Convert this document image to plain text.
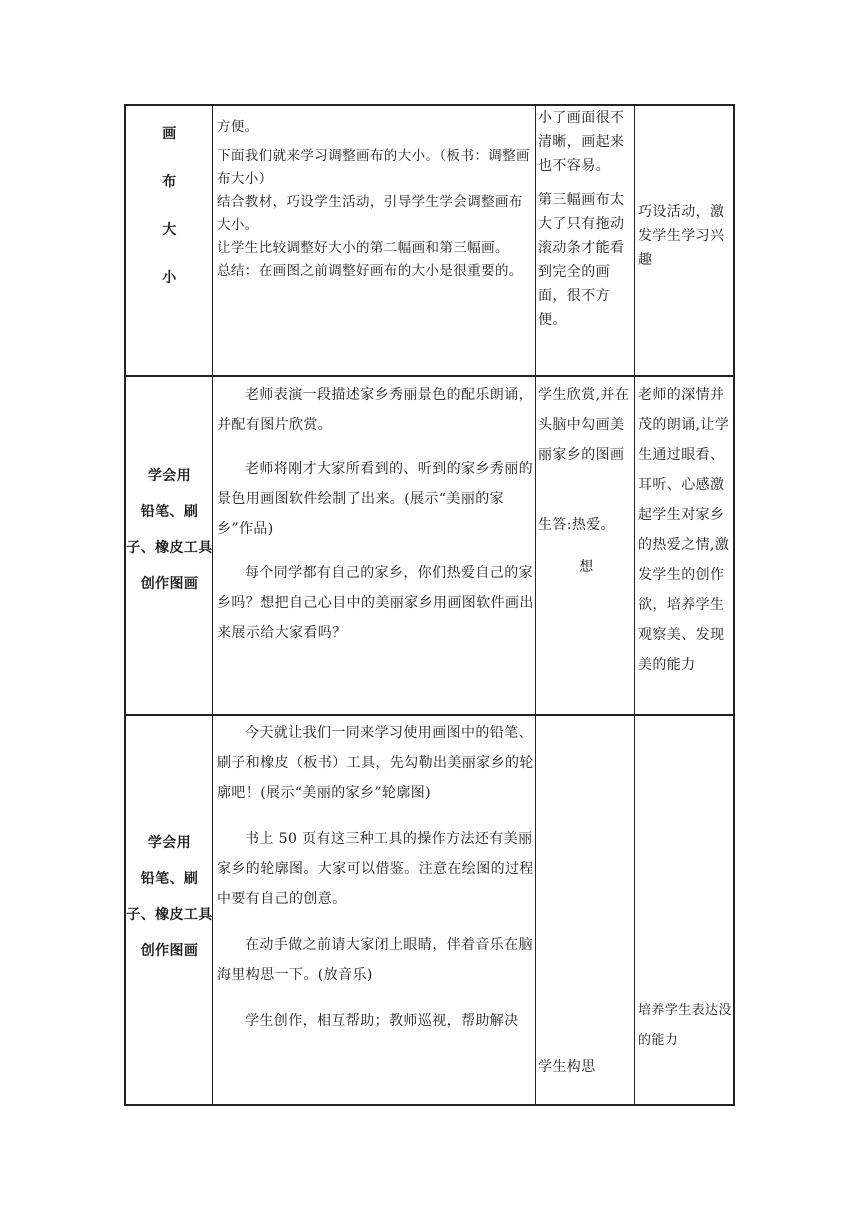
画

布

大

小

方便。

下面我们就来学习调整画布的大小。（板书：调整画布大小）

结合教材，巧设学生活动，引导学生学会调整画布大小。

让学生比较调整好大小的第二幅画和第三幅画。

总结：在画图之前调整好画布的大小是很重要的。

小了画面很不清晰，画起来也不容易。

第三幅画布太大了只有拖动滚动条才能看到完全的画面，很不方便。

巧设活动，激发学生学习兴趣

学会用

铅笔、刷

子、橡皮工具

创作图画

老师表演一段描述家乡秀丽景色的配乐朗诵，并配有图片欣赏。

老师将刚才大家所看到的、听到的家乡秀丽的景色用画图软件绘制了出来。(展示“美丽的家乡”作品)

每个同学都有自己的家乡，你们热爱自己的家乡吗？想把自己心目中的美丽家乡用画图软件画出来展示给大家看吗？

学生欣赏,并在头脑中勾画美丽家乡的图画

生答:热爱。

想

老师的深情并茂的朗诵,让学生通过眼看、耳听、心感激起学生对家乡的热爱之情,激发学生的创作欲，培养学生观察美、发现美的能力

学会用

铅笔、刷

子、橡皮工具

创作图画

今天就让我们一同来学习使用画图中的铅笔、刷子和橡皮（板书）工具，先勾勒出美丽家乡的轮廓吧！(展示“美丽的家乡”轮廓图)

书上 50 页有这三种工具的操作方法还有美丽家乡的轮廓图。大家可以借鉴。注意在绘图的过程中要有自己的创意。

在动手做之前请大家闭上眼睛，伴着音乐在脑海里构思一下。(放音乐)

学生创作，相互帮助；教师巡视，帮助解决

学生构思

培养学生表达没的能力
